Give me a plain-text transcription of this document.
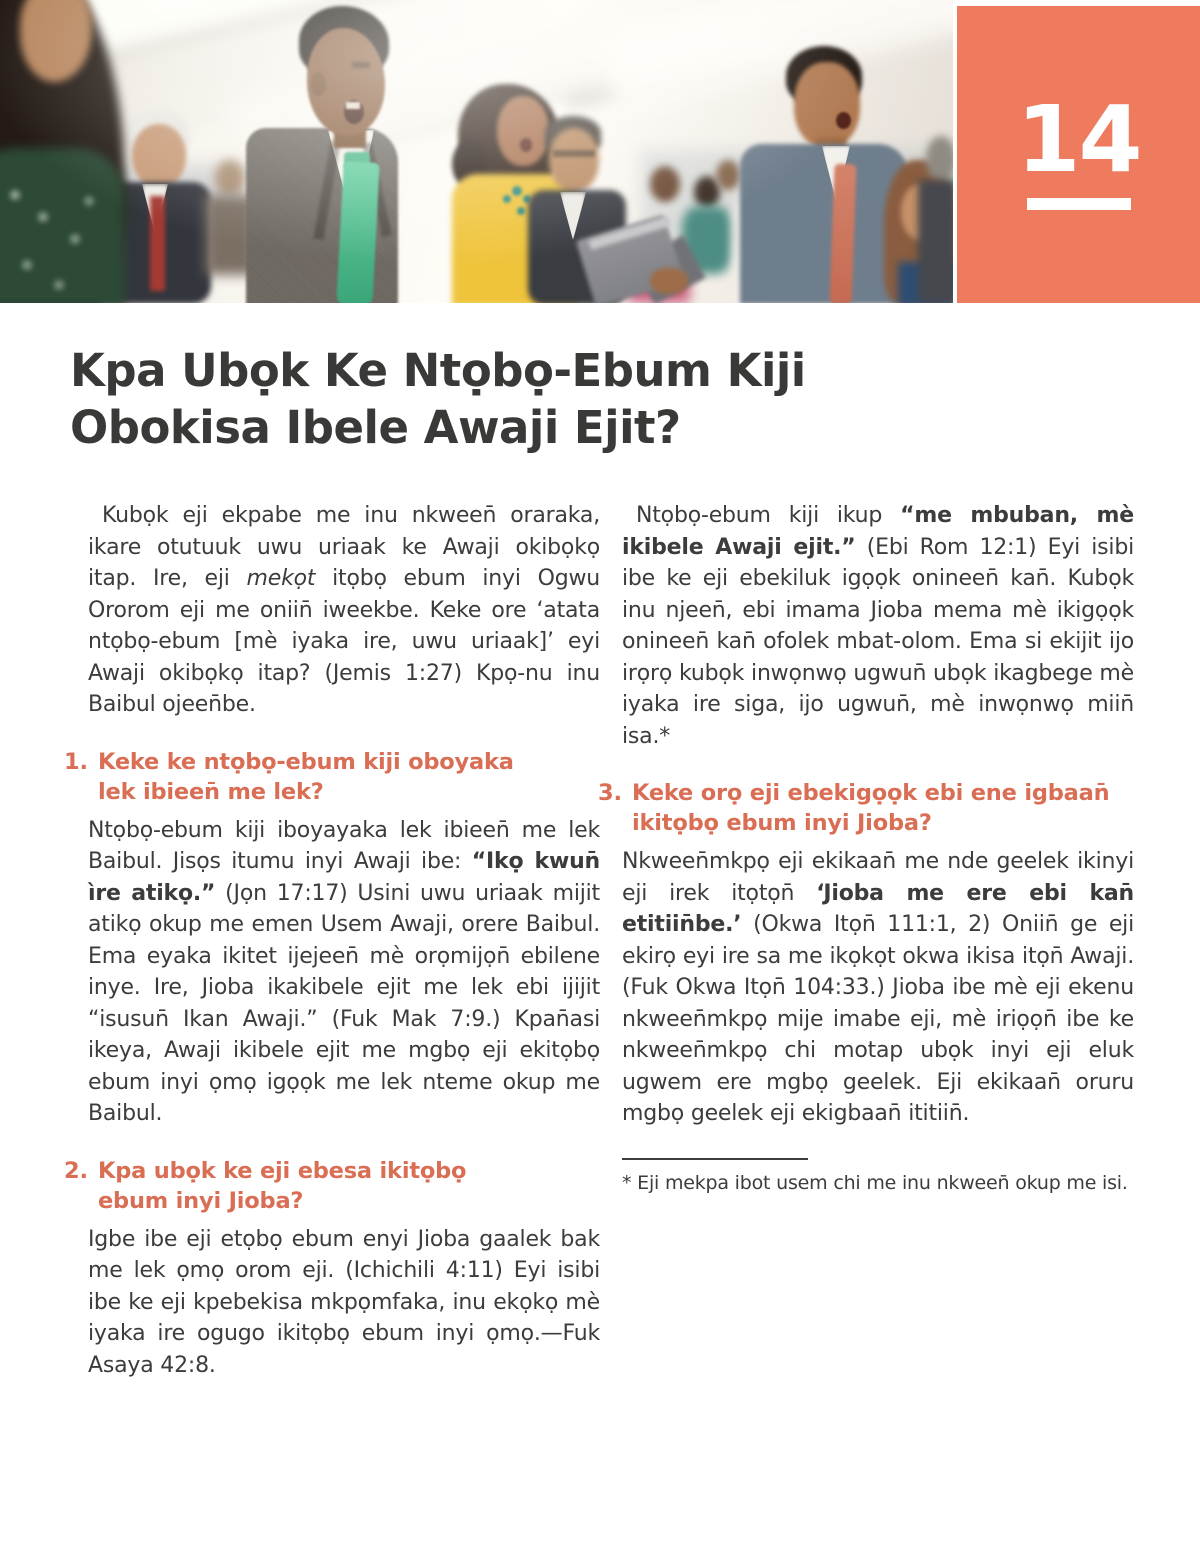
14
Kpa Ubọk Ke Ntọbọ-Ebum Kiji
Obokisa Ibele Awaji Ejit?

Kubọk eji ekpabe me inu nkween̄ oraraka, ikare otutuuk uwu uriaak ke Awaji okibọkọ itap. Ire, eji mekọt itọbọ ebum inyi Ogwu Ororom eji me oniin̄ iweekbe. Keke ore ‘atata ntọbọ-ebum [mè iyaka ire, uwu uriaak]’ eyi Awaji okibọkọ itap? (Jemis 1:27) Kpọ-nu inu Baibul ojeen̄be.

1. Keke ke ntọbọ-ebum kiji oboyaka
lek ibieen̄ me lek?

Ntọbọ-ebum kiji iboyayaka lek ibieen̄ me lek Baibul. Jisọs itumu inyi Awaji ibe: “Ikọ kwun̄ ìre atikọ.” (Jọn 17:17) Usini uwu uriaak mijit atikọ okup me emen Usem Awaji, orere Baibul. Ema eyaka ikitet ijejeen̄ mè orọmijọn̄ ebilene inye. Ire, Jioba ikakibele ejit me lek ebi ijijit “isusun̄ Ikan Awaji.” (Fuk Mak 7:9.) Kpan̄asi ikeya, Awaji ikibele ejit me mgbọ eji ekitọbọ ebum inyi ọmọ igọọk me lek nteme okup me Baibul.

2. Kpa ubọk ke eji ebesa ikitọbọ
ebum inyi Jioba?

Igbe ibe eji etọbọ ebum enyi Jioba gaalek bak me lek ọmọ orom eji. (Ichichili 4:11) Eyi isibi ibe ke eji kpebekisa mkpọmfaka, inu ekọkọ mè iyaka ire ogugo ikitọbọ ebum inyi ọmọ.—Fuk Asaya 42:8.

Ntọbọ-ebum kiji ikup “me mbuban, mè ikibele Awaji ejit.” (Ebi Rom 12:1) Eyi isibi ibe ke eji ebekiluk igọọk onineen̄ kan̄. Kubọk inu njeen̄, ebi imama Jioba mema mè ikigọọk onineen̄ kan̄ ofolek mbat-olom. Ema si ekijit ijo irọrọ kubọk inwọnwọ ugwun̄ ubọk ikagbege mè iyaka ire siga, ijo ugwun̄, mè inwọnwọ miin̄ isa.*

3. Keke orọ eji ebekigọọk ebi ene igbaan̄
ikitọbọ ebum inyi Jioba?

Nkween̄mkpọ eji ekikaan̄ me nde geelek ikinyi eji irek itọtọn̄ ‘Jioba me ere ebi kan̄ etitiin̄be.’ (Okwa Itọn̄ 111:1, 2) Oniin̄ ge eji ekirọ eyi ire sa me ikọkọt okwa ikisa itọn̄ Awaji. (Fuk Okwa Itọn̄ 104:33.) Jioba ibe mè eji ekenu nkween̄mkpọ mije imabe eji, mè iriọọn̄ ibe ke nkween̄mkpọ chi motap ubọk inyi eji eluk ugwem ere mgbọ geelek. Eji ekikaan̄ oruru mgbọ geelek eji ekigbaan̄ ititiin̄.

* Eji mekpa ibot usem chi me inu nkween̄ okup me isi.
